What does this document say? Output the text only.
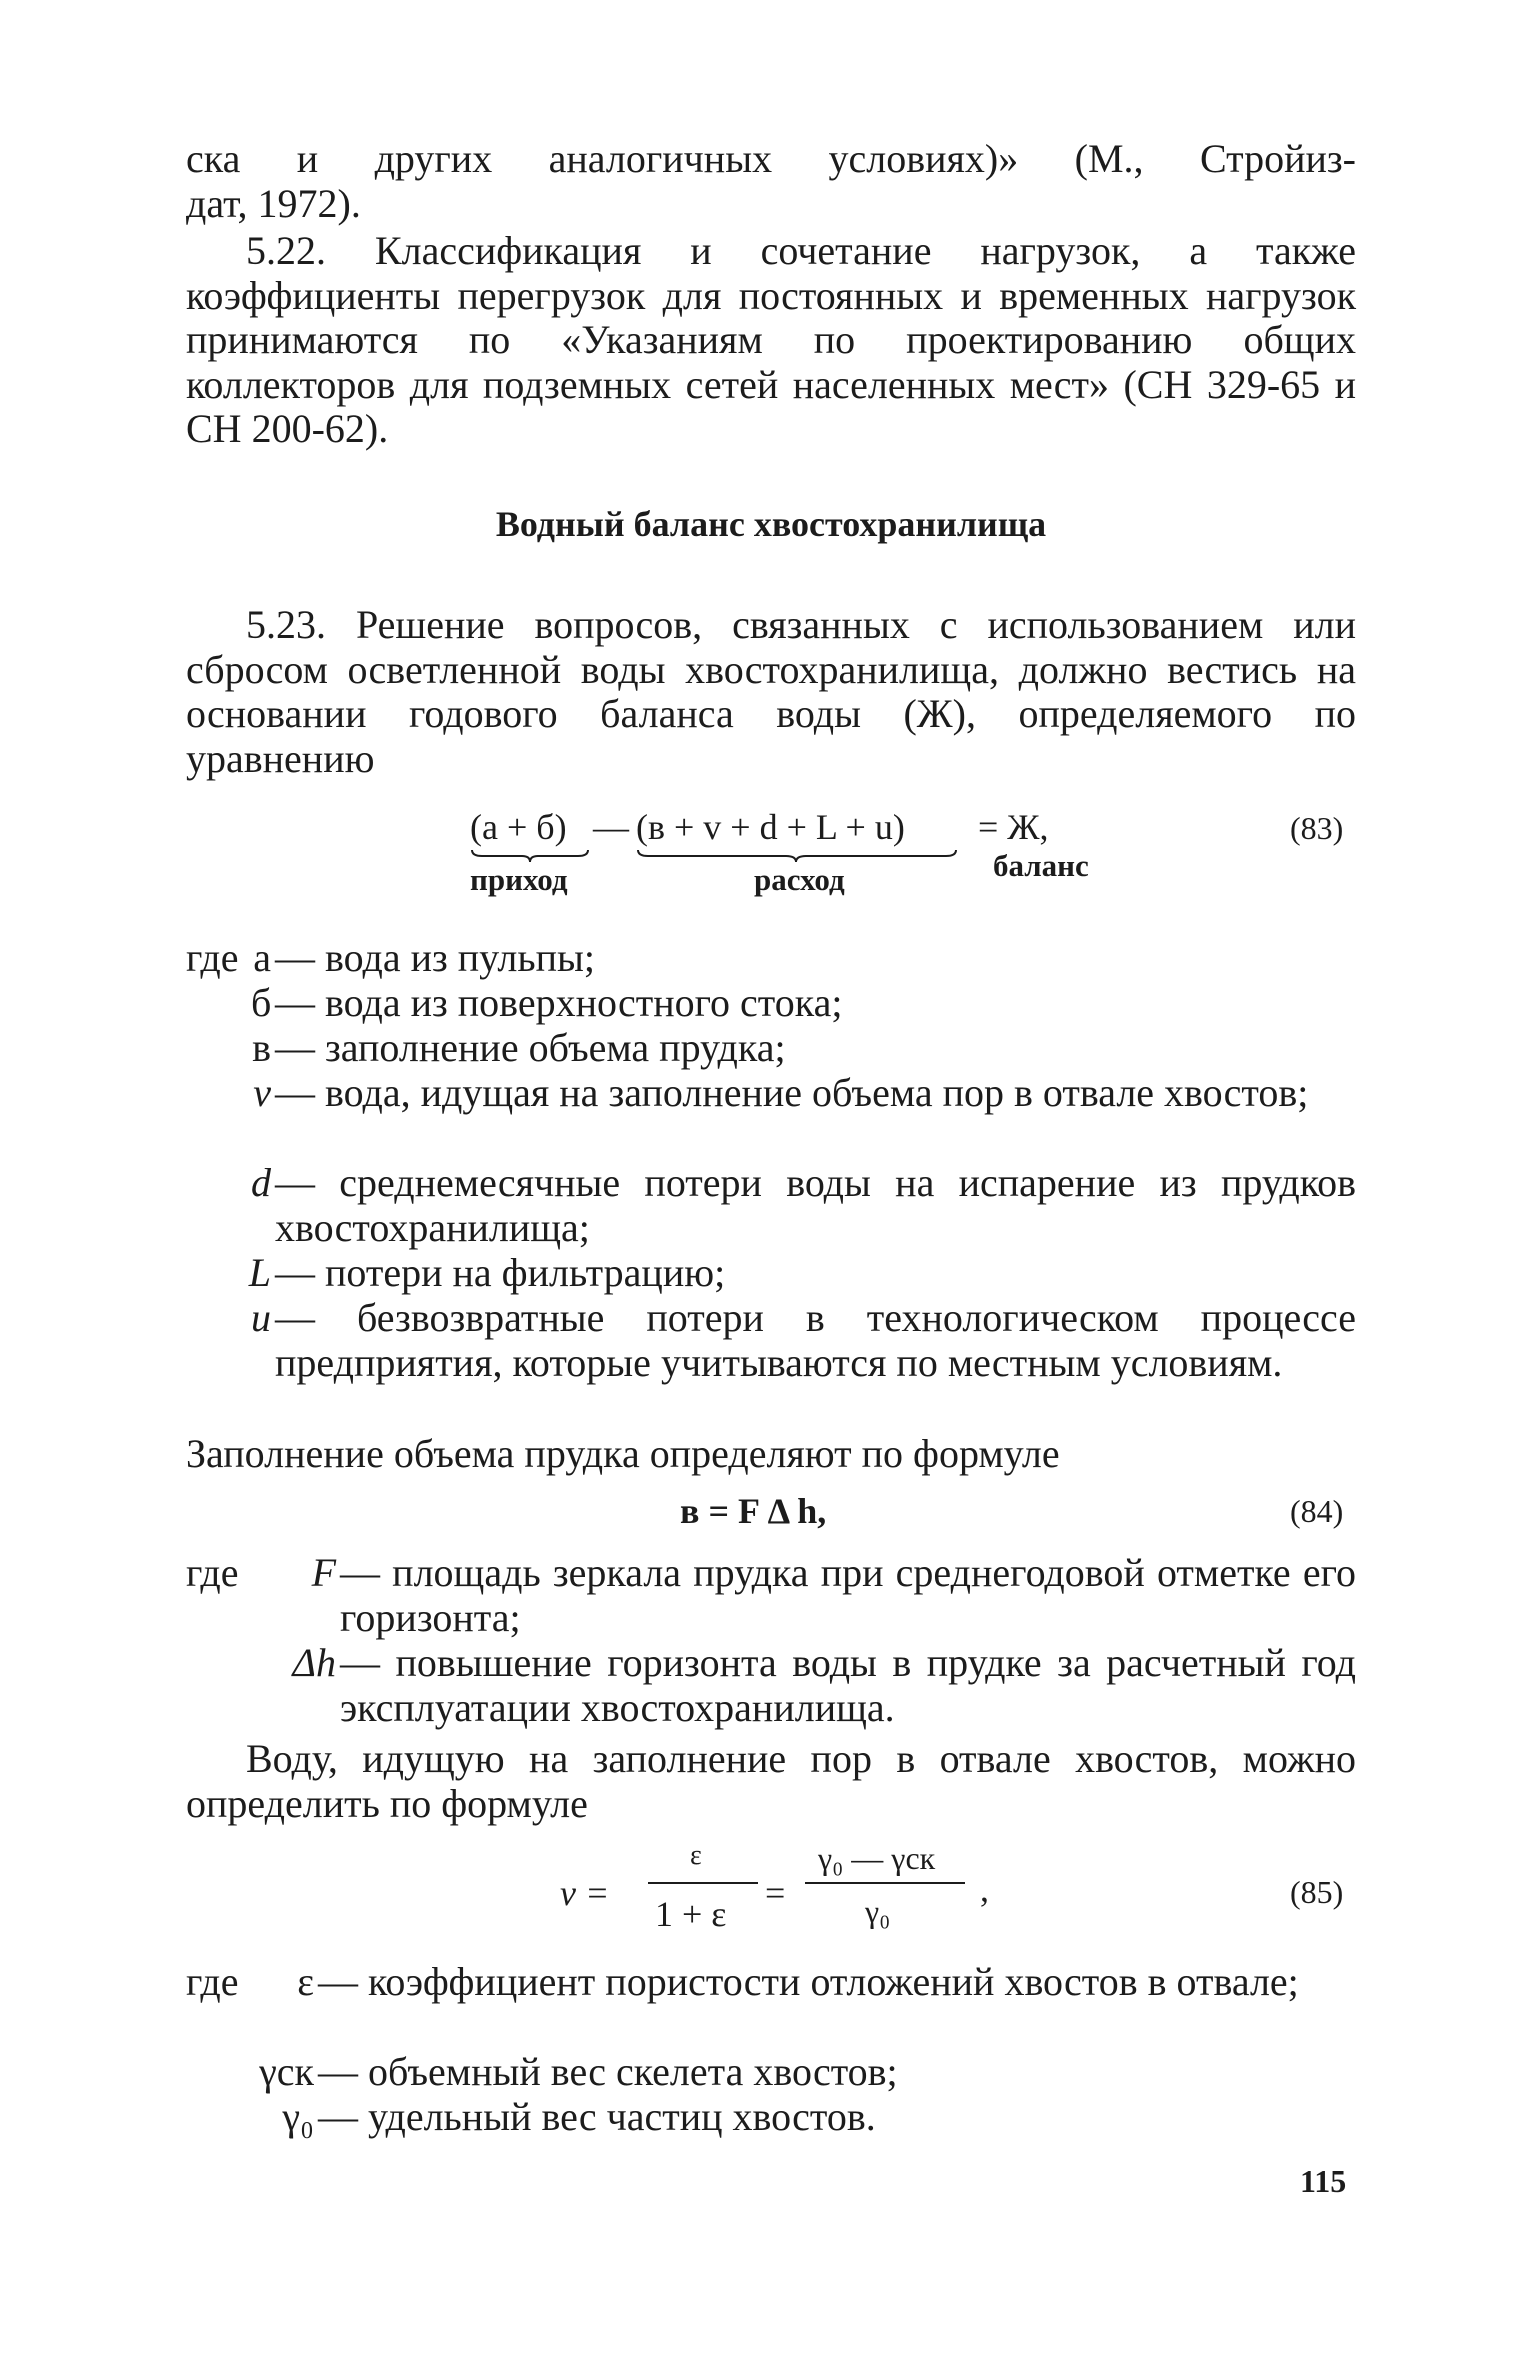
ска и других аналогичных условиях)» (М., Стройиз-

дат, 1972).

5.22. Классификация и сочетание нагрузок, а также коэффициенты перегрузок для постоянных и временных нагрузок принимаются по «Указаниям по проектированию общих коллекторов для подземных сетей населенных мест» (СН 329-65 и СН 200-62).

Водный баланс хвостохранилища

5.23. Решение вопросов, связанных с использованием или сбросом осветленной воды хвостохранилища, должно вестись на основании годового баланса воды (Ж), определяемого по уравнению

(а + б) — (в + v + d + L + u) = Ж,
приход	расход	баланс
(83)
где а — вода из пульпы;
б — вода из поверхностного стока;
в — заполнение объема прудка;
v — вода, идущая на заполнение объема пор в отвале хвостов;
d — среднемесячные потери воды на испарение из прудков хвостохранилища;
L — потери на фильтрацию;
u — безвозвратные потери в технологическом процессе предприятия, которые учитываются по местным условиям.

Заполнение объема прудка определяют по формуле

в = F Δ h,	(84)
где	F — площадь зеркала прудка при среднегодовой отметке его горизонта;
Δh — повышение горизонта воды в прудке за расчетный год эксплуатации хвостохранилища.

Воду, идущую на заполнение пор в отвале хвостов, можно определить по формуле

v =
ε
1 + ε
=
γ₀ — γск
γ₀
,	(85)
где	ε — коэффициент пористости отложений хвостов в отвале;
γск — объемный вес скелета хвостов;
γ₀ — удельный вес частиц хвостов.
115
